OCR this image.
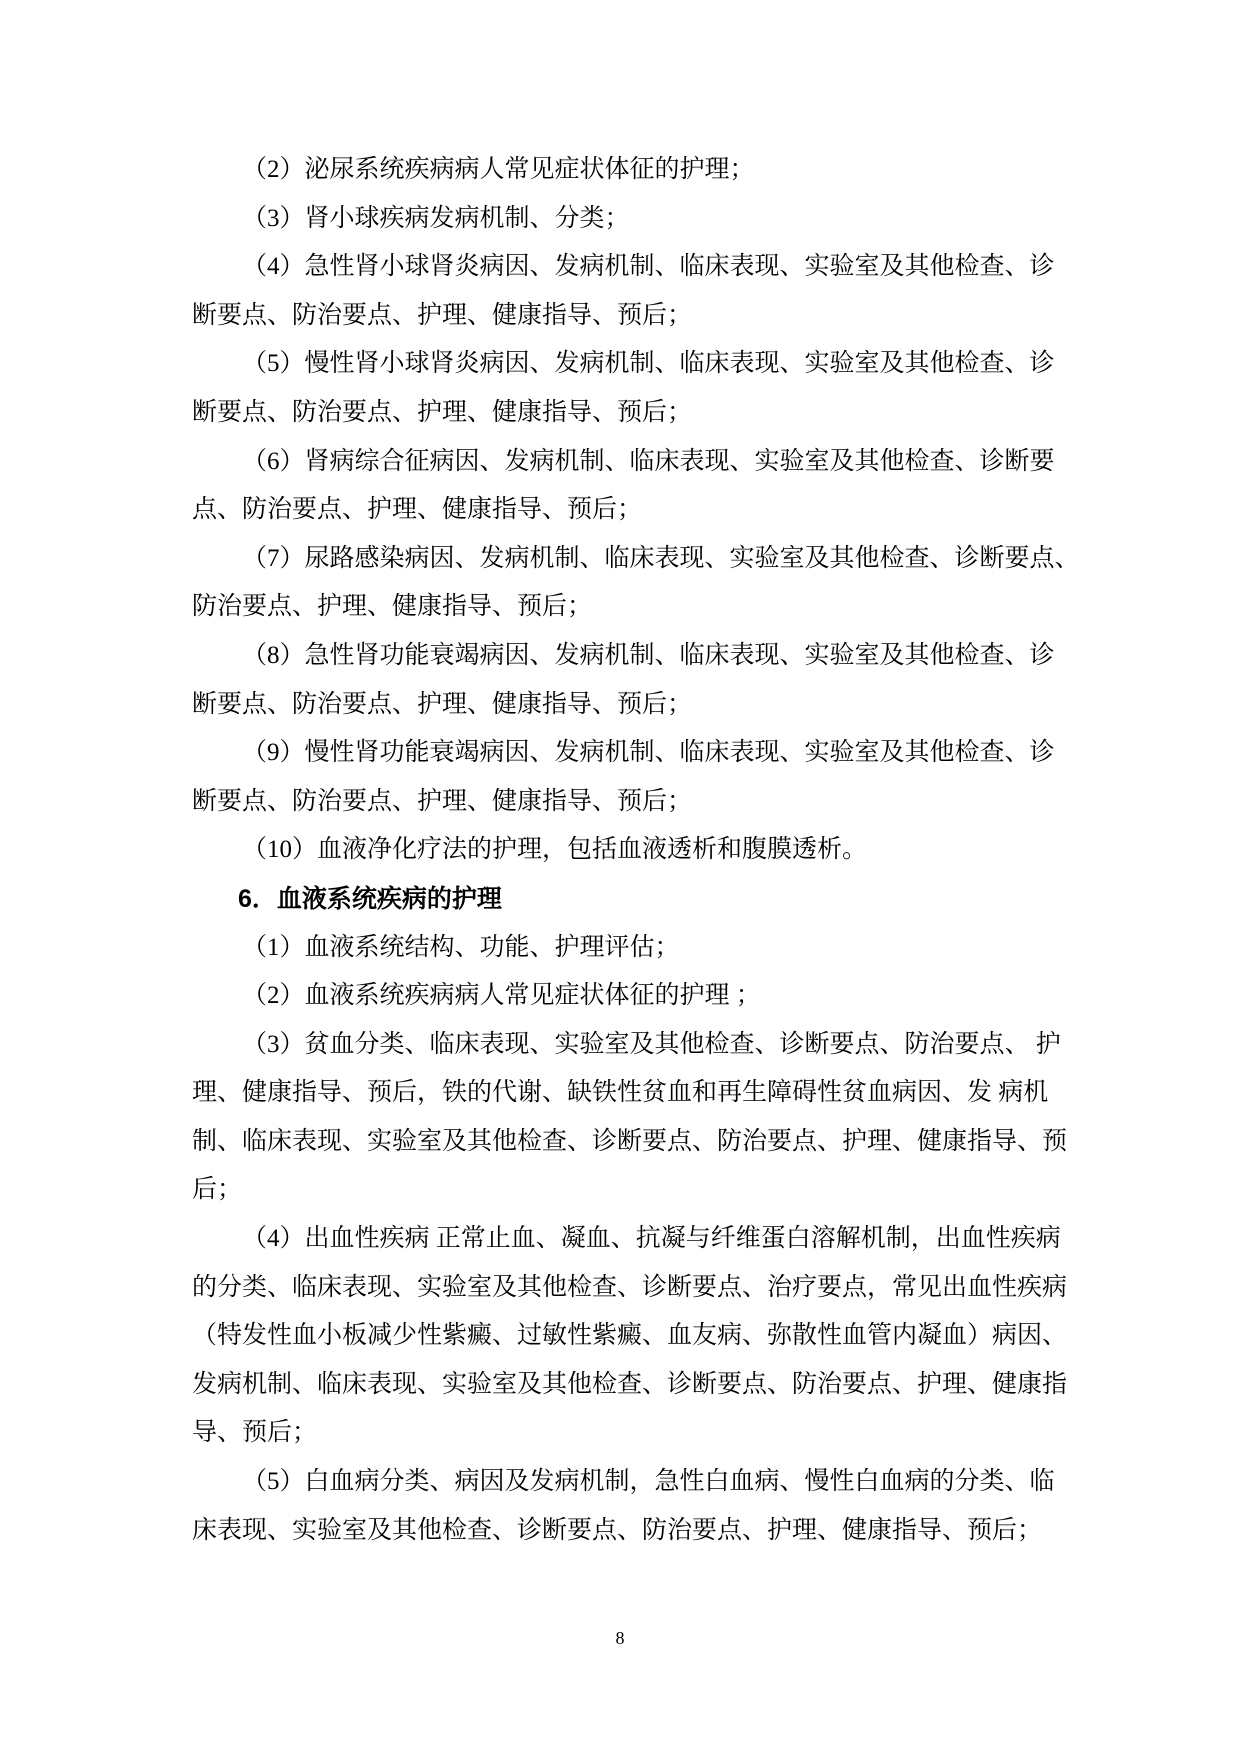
（2）泌尿系统疾病病人常见症状体征的护理；
（3）肾小球疾病发病机制、分类；
（4）急性肾小球肾炎病因、发病机制、临床表现、实验室及其他检查、诊
断要点、防治要点、护理、健康指导、预后；
（5）慢性肾小球肾炎病因、发病机制、临床表现、实验室及其他检查、诊
断要点、防治要点、护理、健康指导、预后；
（6）肾病综合征病因、发病机制、临床表现、实验室及其他检查、诊断要
点、防治要点、护理、健康指导、预后；
（7）尿路感染病因、发病机制、临床表现、实验室及其他检查、诊断要点、
防治要点、护理、健康指导、预后；
（8）急性肾功能衰竭病因、发病机制、临床表现、实验室及其他检查、诊
断要点、防治要点、护理、健康指导、预后；
（9）慢性肾功能衰竭病因、发病机制、临床表现、实验室及其他检查、诊
断要点、防治要点、护理、健康指导、预后；
（10）血液净化疗法的护理，包括血液透析和腹膜透析。
6．血液系统疾病的护理
（1）血液系统结构、功能、护理评估；
（2）血液系统疾病病人常见症状体征的护理 ；
（3）贫血分类、临床表现、实验室及其他检查、诊断要点、防治要点、 护
理、健康指导、预后，铁的代谢、缺铁性贫血和再生障碍性贫血病因、发 病机
制、临床表现、实验室及其他检查、诊断要点、防治要点、护理、健康指导、预
后；
（4）出血性疾病 正常止血、凝血、抗凝与纤维蛋白溶解机制，出血性疾病
的分类、临床表现、实验室及其他检查、诊断要点、治疗要点，常见出血性疾病
（特发性血小板减少性紫癜、过敏性紫癜、血友病、弥散性血管内凝血）病因、
发病机制、临床表现、实验室及其他检查、诊断要点、防治要点、护理、健康指
导、预后；
（5）白血病分类、病因及发病机制，急性白血病、慢性白血病的分类、临
床表现、实验室及其他检查、诊断要点、防治要点、护理、健康指导、预后；
8
